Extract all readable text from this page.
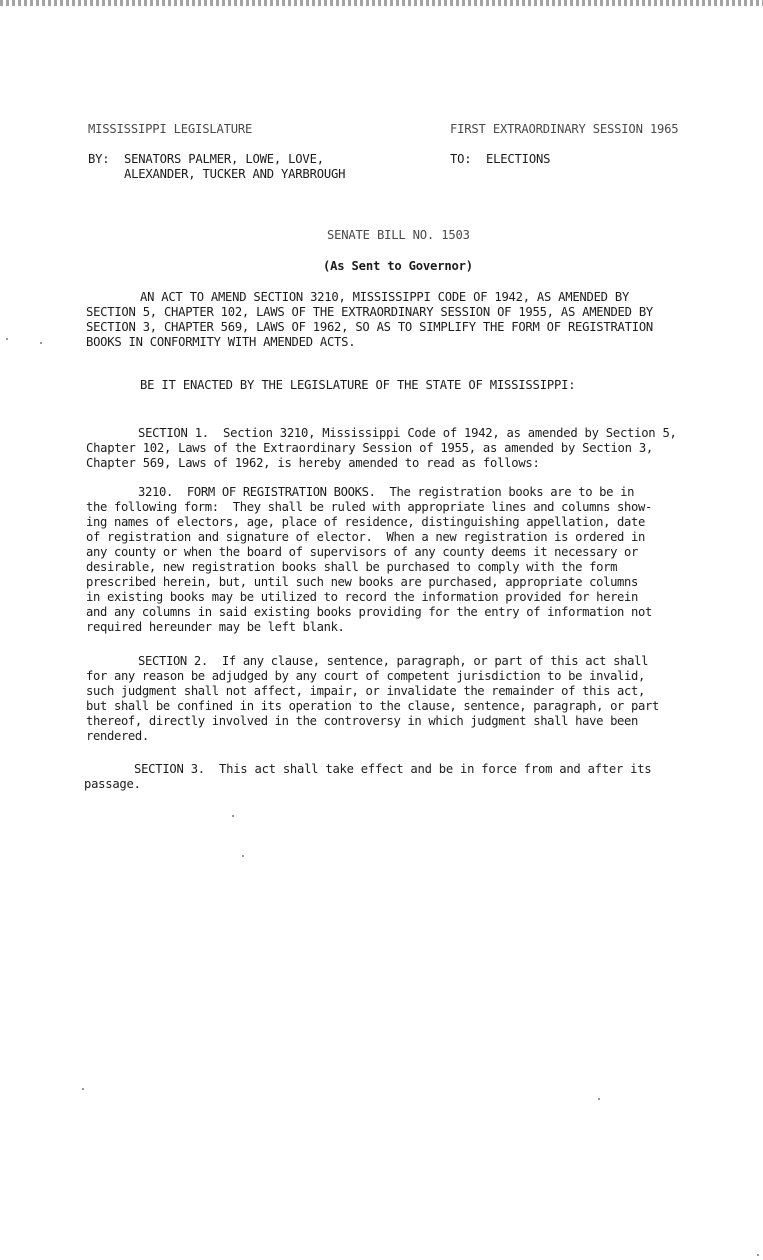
MISSISSIPPI LEGISLATURE	FIRST EXTRAORDINARY SESSION 1965
BY: SENATORS PALMER, LOWE, LOVE,
ALEXANDER, TUCKER AND YARBROUGH
TO: ELECTIONS
SENATE BILL NO. 1503
(As Sent to Governor)
AN ACT TO AMEND SECTION 3210, MISSISSIPPI CODE OF 1942, AS AMENDED BY
SECTION 5, CHAPTER 102, LAWS OF THE EXTRAORDINARY SESSION OF 1955, AS AMENDED BY
SECTION 3, CHAPTER 569, LAWS OF 1962, SO AS TO SIMPLIFY THE FORM OF REGISTRATION
BOOKS IN CONFORMITY WITH AMENDED ACTS.
BE IT ENACTED BY THE LEGISLATURE OF THE STATE OF MISSISSIPPI:
SECTION 1.  Section 3210, Mississippi Code of 1942, as amended by Section 5,
Chapter 102, Laws of the Extraordinary Session of 1955, as amended by Section 3,
Chapter 569, Laws of 1962, is hereby amended to read as follows:
3210.  FORM OF REGISTRATION BOOKS.  The registration books are to be in
the following form:  They shall be ruled with appropriate lines and columns show-
ing names of electors, age, place of residence, distinguishing appellation, date
of registration and signature of elector.  When a new registration is ordered in
any county or when the board of supervisors of any county deems it necessary or
desirable, new registration books shall be purchased to comply with the form
prescribed herein, but, until such new books are purchased, appropriate columns
in existing books may be utilized to record the information provided for herein
and any columns in said existing books providing for the entry of information not
required hereunder may be left blank.
SECTION 2.  If any clause, sentence, paragraph, or part of this act shall
for any reason be adjudged by any court of competent jurisdiction to be invalid,
such judgment shall not affect, impair, or invalidate the remainder of this act,
but shall be confined in its operation to the clause, sentence, paragraph, or part
thereof, directly involved in the controversy in which judgment shall have been
rendered.
SECTION 3.  This act shall take effect and be in force from and after its
passage.
